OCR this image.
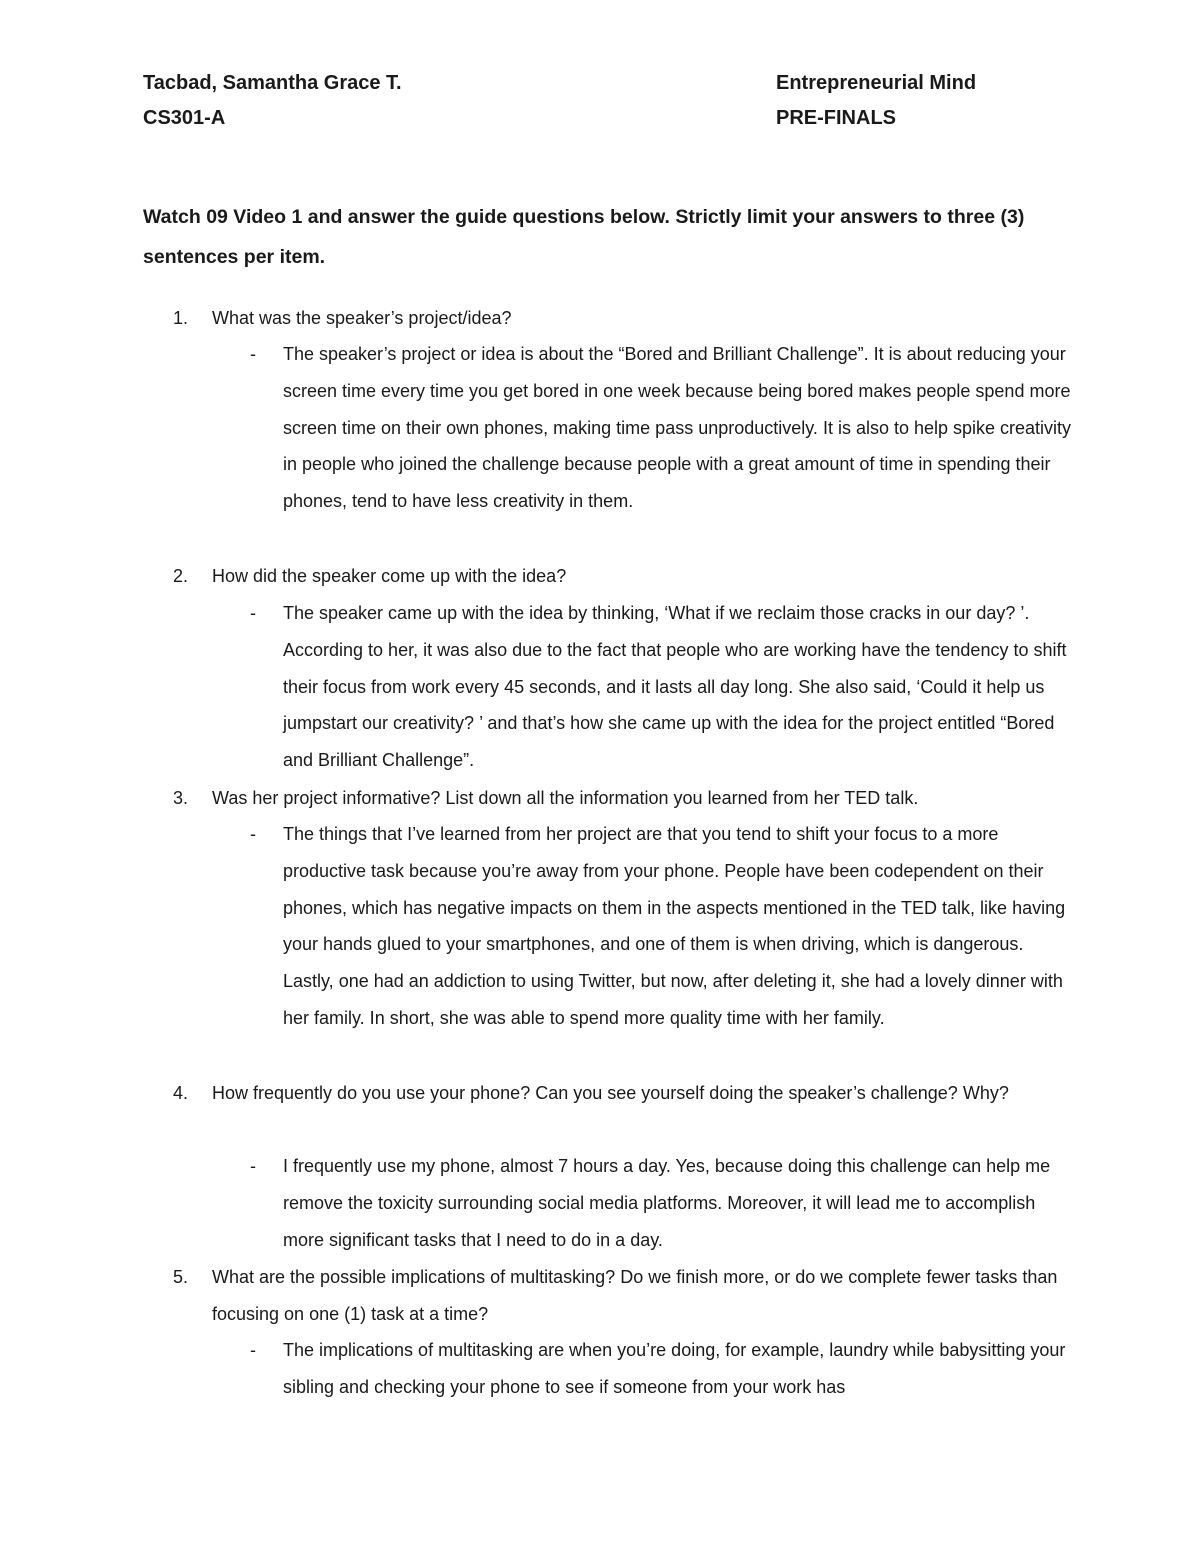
Tacbad, Samantha Grace T.
CS301-A
Entrepreneurial Mind
PRE-FINALS
Watch 09 Video 1 and answer the guide questions below. Strictly limit your answers to three (3) sentences per item.
1. What was the speaker’s project/idea?
- The speaker’s project or idea is about the “Bored and Brilliant Challenge”. It is about reducing your screen time every time you get bored in one week because being bored makes people spend more screen time on their own phones, making time pass unproductively. It is also to help spike creativity in people who joined the challenge because people with a great amount of time in spending their phones, tend to have less creativity in them.
2. How did the speaker come up with the idea?
- The speaker came up with the idea by thinking, ‘What if we reclaim those cracks in our day? ’. According to her, it was also due to the fact that people who are working have the tendency to shift their focus from work every 45 seconds, and it lasts all day long. She also said, ‘Could it help us jumpstart our creativity? ’ and that’s how she came up with the idea for the project entitled “Bored and Brilliant Challenge”.
3. Was her project informative? List down all the information you learned from her TED talk.
- The things that I’ve learned from her project are that you tend to shift your focus to a more productive task because you’re away from your phone. People have been codependent on their phones, which has negative impacts on them in the aspects mentioned in the TED talk, like having your hands glued to your smartphones, and one of them is when driving, which is dangerous. Lastly, one had an addiction to using Twitter, but now, after deleting it, she had a lovely dinner with her family. In short, she was able to spend more quality time with her family.
4. How frequently do you use your phone? Can you see yourself doing the speaker’s challenge? Why?
- I frequently use my phone, almost 7 hours a day. Yes, because doing this challenge can help me remove the toxicity surrounding social media platforms. Moreover, it will lead me to accomplish more significant tasks that I need to do in a day.
5. What are the possible implications of multitasking? Do we finish more, or do we complete fewer tasks than focusing on one (1) task at a time?
- The implications of multitasking are when you’re doing, for example, laundry while babysitting your sibling and checking your phone to see if someone from your work has
